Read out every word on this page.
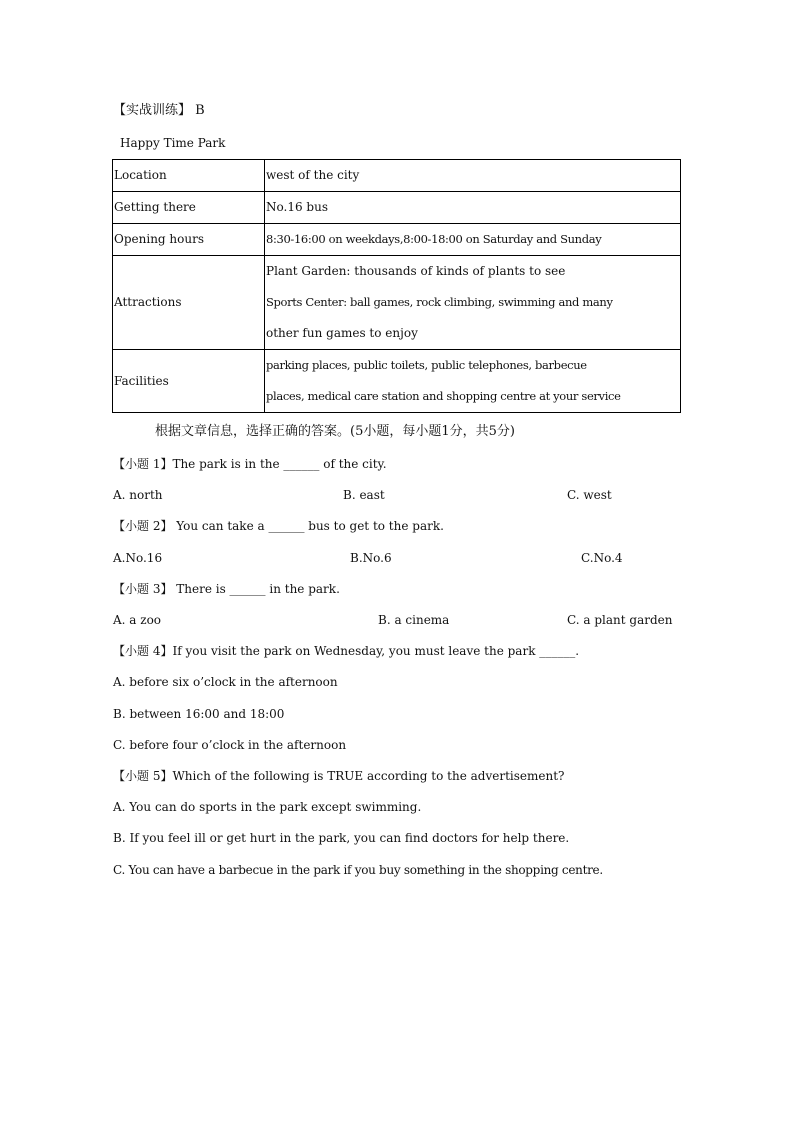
【实战训练】 B
Happy Time Park
Location	west of the city

Getting there	No.16 bus

Opening hours	8:30-16:00 on weekdays,8:00-18:00 on Saturday and Sunday

Attractions	Plant Garden: thousands of kinds of plants to see
Sports Center: ball games, rock climbing, swimming and many
other fun games to enjoy

Facilities	parking places, public toilets, public telephones, barbecue
places, medical care station and shopping centre at your service
根据文章信息，选择正确的答案。(5小题，每小题1分，共5分)
【小题 1】The park is in the ______ of the city.
A. north	B. east	C. west
【小题 2】 You can take a ______ bus to get to the park.
A.No.16	B.No.6	C.No.4
【小题 3】 There is ______ in the park.
A. a zoo	B. a cinema	C. a plant garden
【小题 4】If you visit the park on Wednesday, you must leave the park ______.
A. before six o’clock in the afternoon
B. between 16:00 and 18:00
C. before four o’clock in the afternoon
【小题 5】Which of the following is TRUE according to the advertisement?
A. You can do sports in the park except swimming.
B. If you feel ill or get hurt in the park, you can find doctors for help there.
C. You can have a barbecue in the park if you buy something in the shopping centre.
